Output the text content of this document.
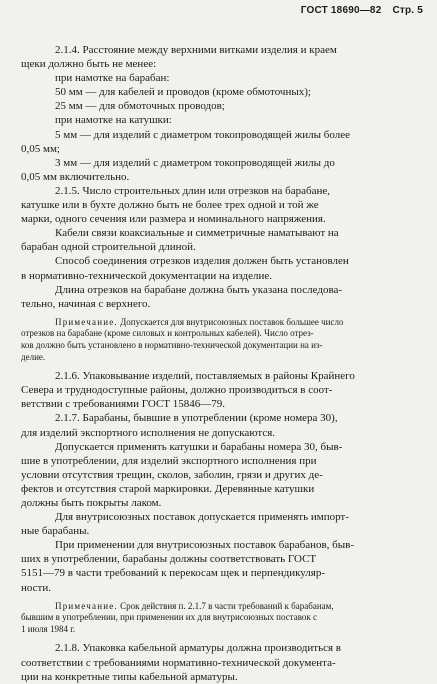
ГОСТ 18690—82 Стр. 5
2.1.4. Расстояние между верхними витками изделия и краем
щеки должно быть не менее:
при намотке на барабан:
50 мм — для кабелей и проводов (кроме обмоточных);
25 мм — для обмоточных проводов;
при намотке на катушки:
5 мм — для изделий с диаметром токопроводящей жилы более
0,05 мм;
3 мм — для изделий с диаметром токопроводящей жилы до
0,05 мм включительно.
2.1.5. Число строительных длин или отрезков на барабане,
катушке или в бухте должно быть не более трех одной и той же
марки, одного сечения или размера и номинального напряжения.
Кабели связи коаксиальные и симметричные наматывают на
барабан одной строительной длиной.
Способ соединения отрезков изделия должен быть установлен
в нормативно-технической документации на изделие.
Длина отрезков на барабане должна быть указана последова-
тельно, начиная с верхнего.
Примечание. Допускается для внутрисоюзных поставок большее число
отрезков на барабане (кроме силовых и контрольных кабелей). Число отрез-
ков должно быть установлено в нормативно-технической документации на из-
делие.
2.1.6. Упаковывание изделий, поставляемых в районы Крайнего
Севера и труднодоступные районы, должно производиться в соот-
ветствии с требованиями ГОСТ 15846—79.
2.1.7. Барабаны, бывшие в употреблении (кроме номера 30),
для изделий экспортного исполнения не допускаются.
Допускается применять катушки и барабаны номера 30, быв-
шие в употреблении, для изделий экспортного исполнения при
условии отсутствия трещин, сколов, заболин, грязи и других де-
фектов и отсутствия старой маркировки. Деревянные катушки
должны быть покрыты лаком.
Для внутрисоюзных поставок допускается применять импорт-
ные барабаны.
При применении для внутрисоюзных поставок барабанов, быв-
ших в употреблении, барабаны должны соответствовать ГОСТ
5151—79 в части требований к перекосам щек и перпендикуляр-
ности.
Примечание. Срок действия п. 2.1.7 в части требований к барабанам,
бывшим в употреблении, при применении их для внутрисоюзных поставок с
1 июля 1984 г.
2.1.8. Упаковка кабельной арматуры должна производиться в
соответствии с требованиями нормативно-технической документа-
ции на конкретные типы кабельной арматуры.
